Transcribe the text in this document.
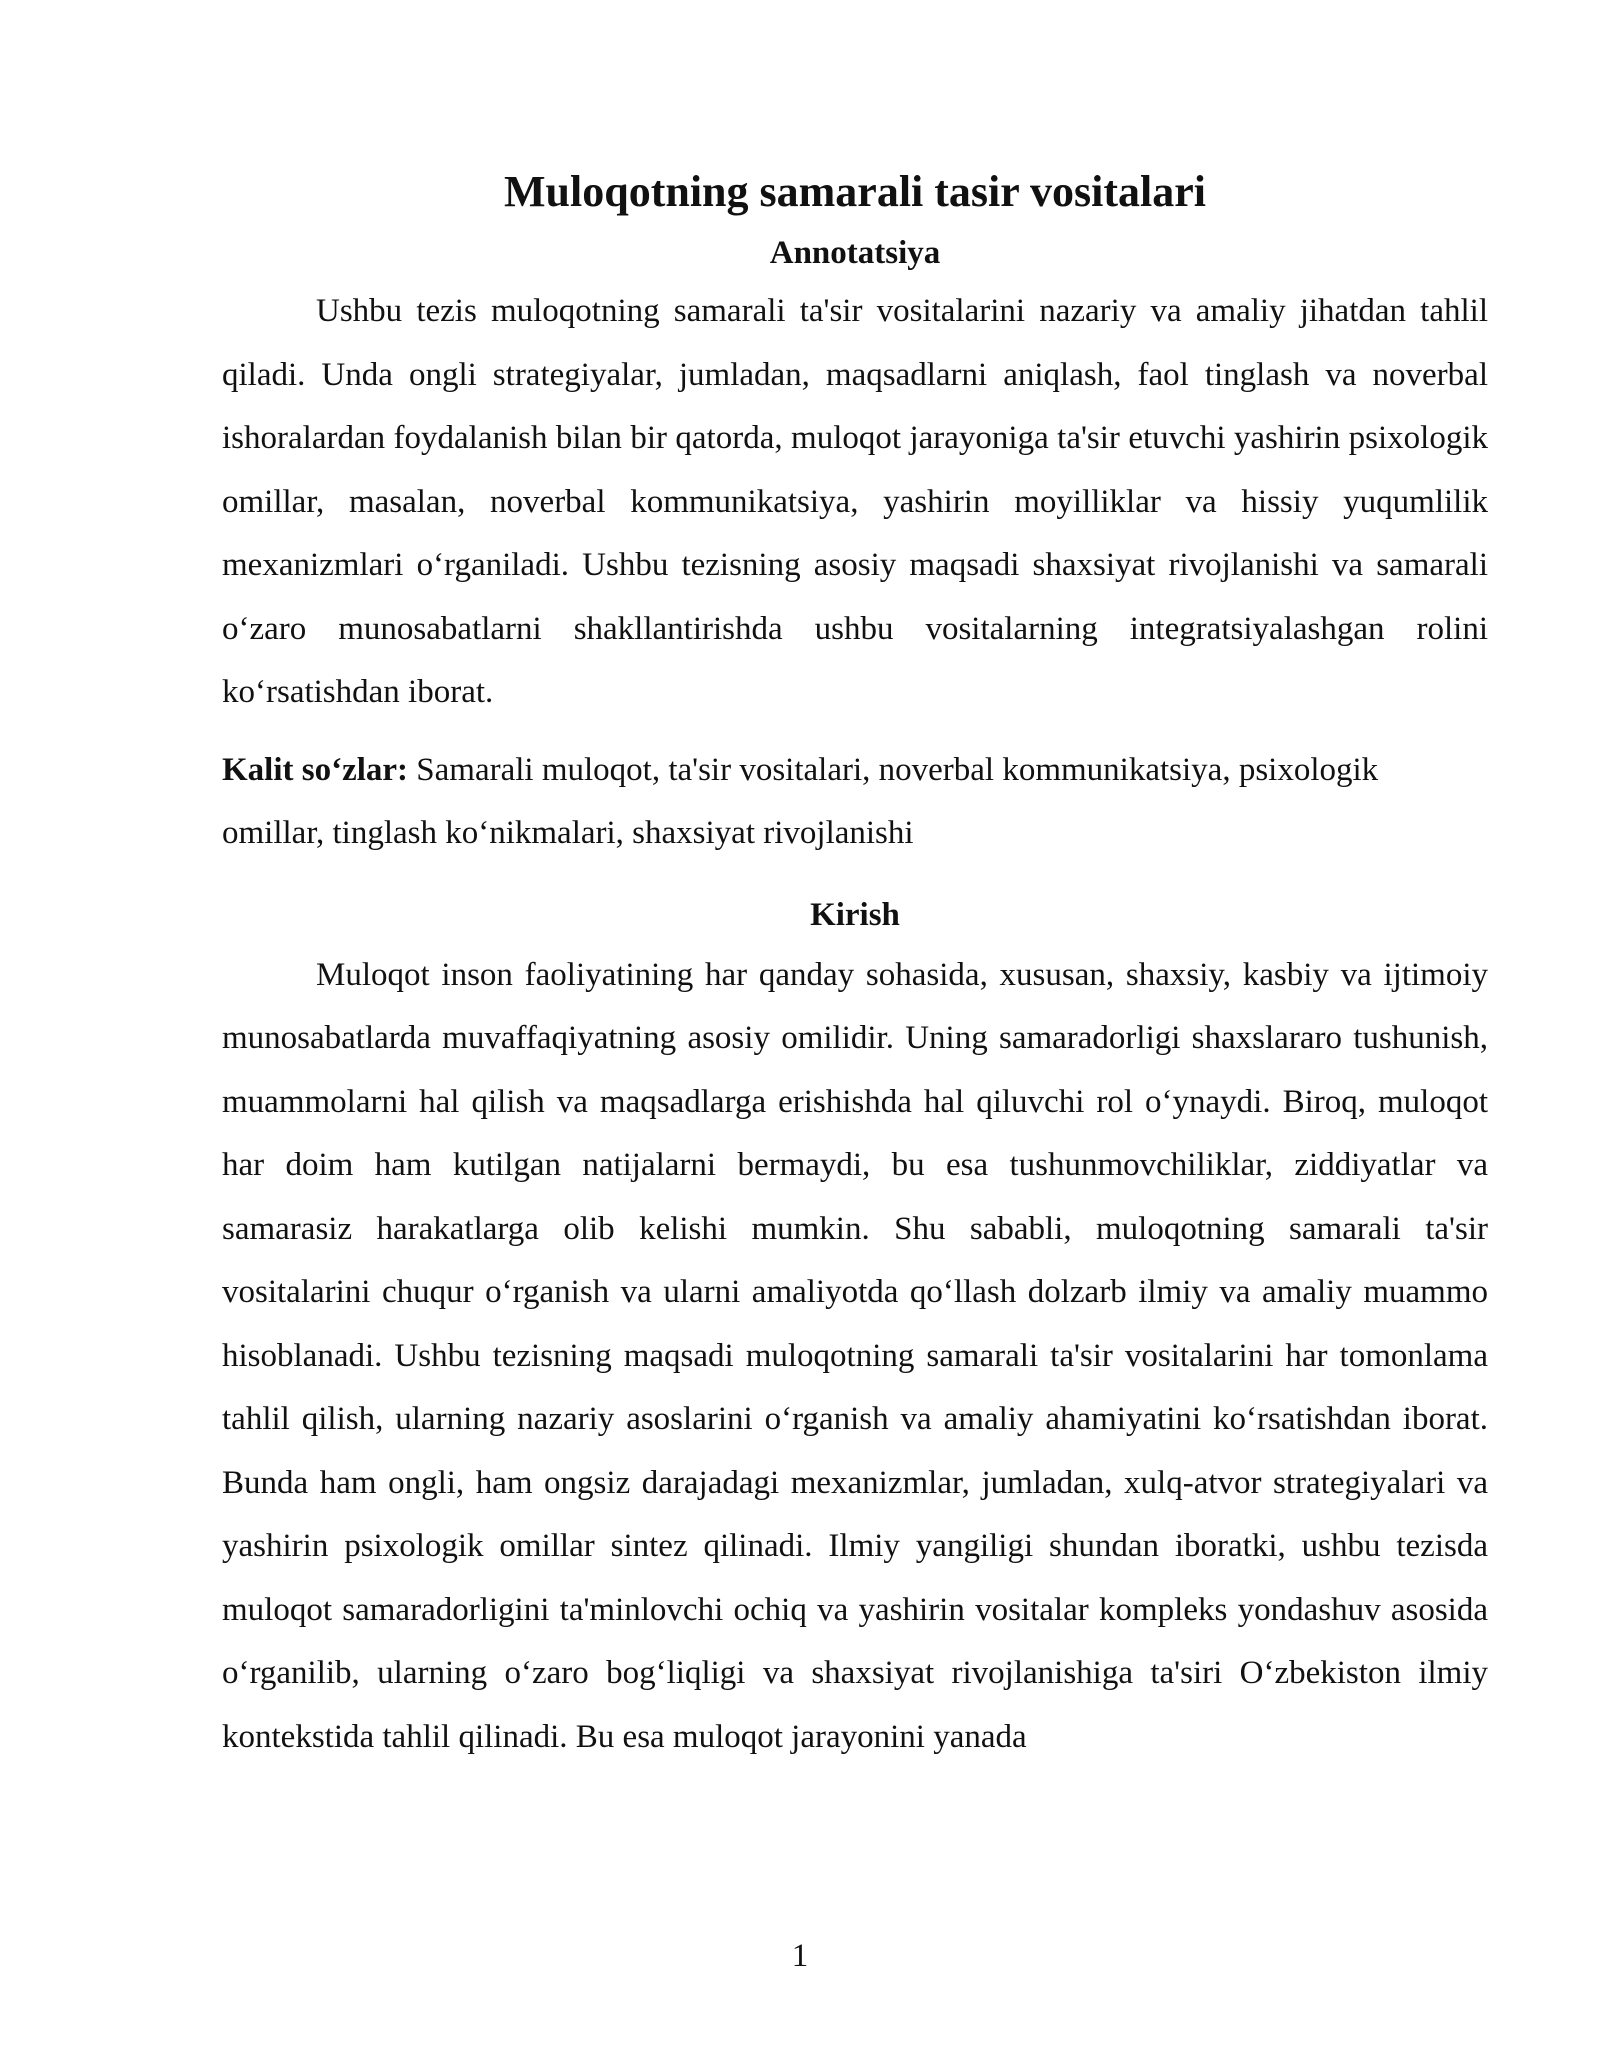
Muloqotning samarali tasir vositalari
Annotatsiya

Ushbu tezis muloqotning samarali ta'sir vositalarini nazariy va amaliy jihatdan tahlil qiladi. Unda ongli strategiyalar, jumladan, maqsadlarni aniqlash, faol tinglash va noverbal ishoralardan foydalanish bilan bir qatorda, muloqot jarayoniga ta'sir etuvchi yashirin psixologik omillar, masalan, noverbal kommunikatsiya, yashirin moyilliklar va hissiy yuqumlilik mexanizmlari oʻrganiladi. Ushbu tezisning asosiy maqsadi shaxsiyat rivojlanishi va samarali oʻzaro munosabatlarni shakllantirishda ushbu vositalarning integratsiyalashgan rolini koʻrsatishdan iborat.

Kalit soʻzlar: Samarali muloqot, ta'sir vositalari, noverbal kommunikatsiya, psixologik omillar, tinglash koʻnikmalari, shaxsiyat rivojlanishi

Kirish

Muloqot inson faoliyatining har qanday sohasida, xususan, shaxsiy, kasbiy va ijtimoiy munosabatlarda muvaffaqiyatning asosiy omilidir. Uning samaradorligi shaxslararo tushunish, muammolarni hal qilish va maqsadlarga erishishda hal qiluvchi rol oʻynaydi. Biroq, muloqot har doim ham kutilgan natijalarni bermaydi, bu esa tushunmovchiliklar, ziddiyatlar va samarasiz harakatlarga olib kelishi mumkin. Shu sababli, muloqotning samarali ta'sir vositalarini chuqur oʻrganish va ularni amaliyotda qoʻllash dolzarb ilmiy va amaliy muammo hisoblanadi. Ushbu tezisning maqsadi muloqotning samarali ta'sir vositalarini har tomonlama tahlil qilish, ularning nazariy asoslarini oʻrganish va amaliy ahamiyatini koʻrsatishdan iborat. Bunda ham ongli, ham ongsiz darajadagi mexanizmlar, jumladan, xulq-atvor strategiyalari va yashirin psixologik omillar sintez qilinadi. Ilmiy yangiligi shundan iboratki, ushbu tezisda muloqot samaradorligini ta'minlovchi ochiq va yashirin vositalar kompleks yondashuv asosida oʻrganilib, ularning oʻzaro bogʻliqligi va shaxsiyat rivojlanishiga ta'siri Oʻzbekiston ilmiy kontekstida tahlil qilinadi. Bu esa muloqot jarayonini yanada

1
